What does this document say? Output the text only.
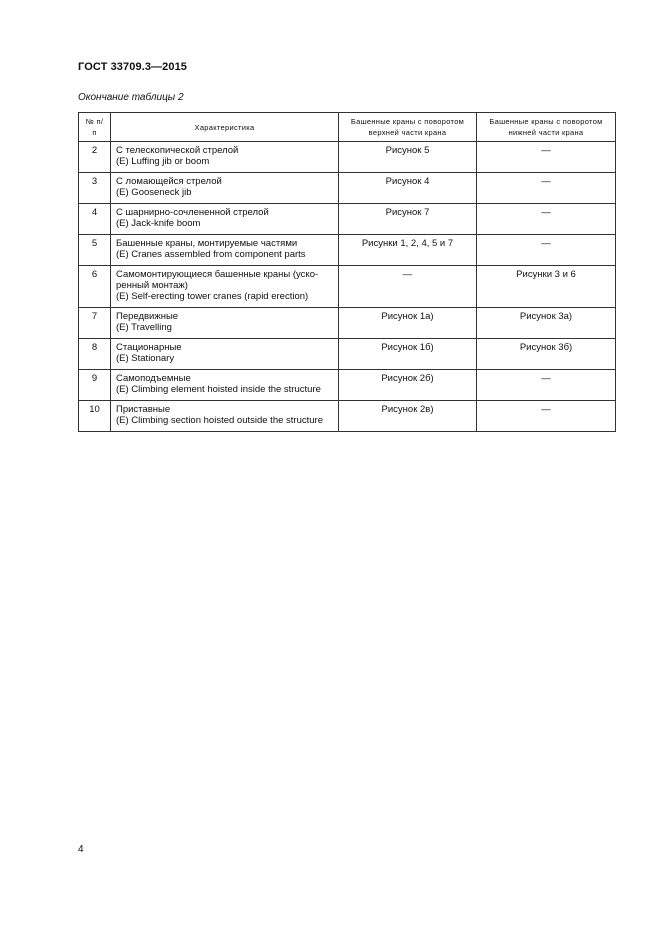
ГОСТ 33709.3—2015
Окончание таблицы 2
№ п/п	Характеристика	Башенные краны с поворотом верхней части крана	Башенные краны с поворотом нижней части крана
2	С телескопической стрелой
(E) Luffing jib or boom	Рисунок 5	—
3	С ломающейся стрелой
(E) Gooseneck jib	Рисунок 4	—
4	С шарнирно-сочлененной стрелой
(E) Jack-knife boom	Рисунок 7	—
5	Башенные краны, монтируемые частями
(E) Cranes assembled from component parts	Рисунки 1, 2, 4, 5 и 7	—
6	Самомонтирующиеся башенные краны (уско-
ренный монтаж)
(E) Self-erecting tower cranes (rapid erection)	—	Рисунки 3 и 6
7	Передвижные
(E) Travelling	Рисунок 1а)	Рисунок 3а)
8	Стационарные
(E) Stationary	Рисунок 1б)	Рисунок 3б)
9	Самоподъемные
(E) Climbing element hoisted inside the structure	Рисунок 2б)	—
10	Приставные
(E) Climbing section hoisted outside the structure	Рисунок 2в)	—
4
